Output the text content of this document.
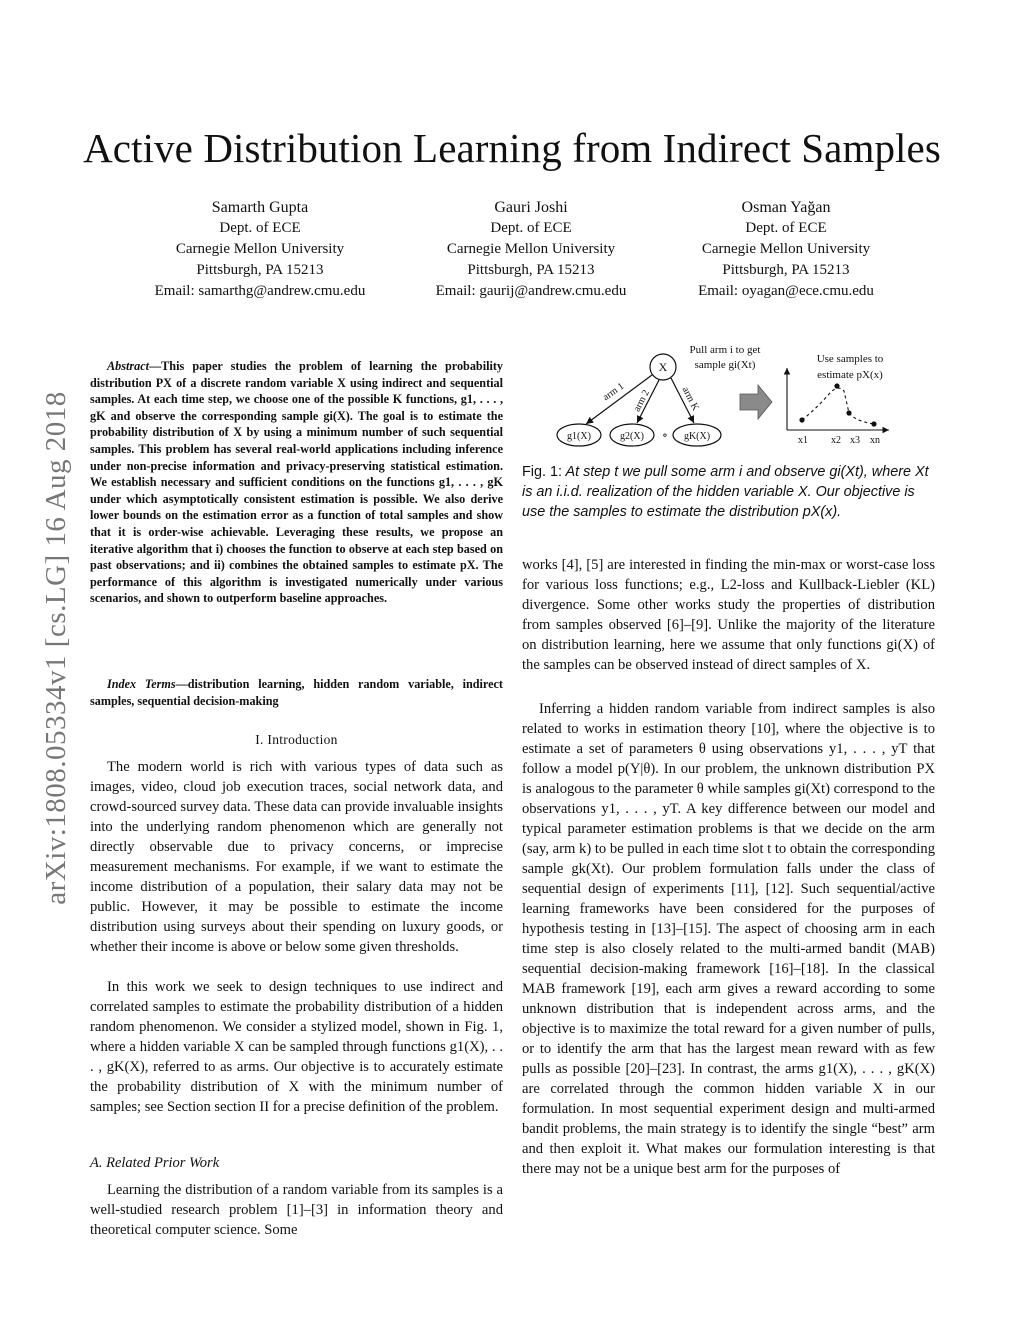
Active Distribution Learning from Indirect Samples
Samarth Gupta
Dept. of ECE
Carnegie Mellon University
Pittsburgh, PA 15213
Email: samarthg@andrew.cmu.edu
Gauri Joshi
Dept. of ECE
Carnegie Mellon University
Pittsburgh, PA 15213
Email: gaurij@andrew.cmu.edu
Osman Yağan
Dept. of ECE
Carnegie Mellon University
Pittsburgh, PA 15213
Email: oyagan@ece.cmu.edu
arXiv:1808.05334v1 [cs.LG] 16 Aug 2018

Abstract—This paper studies the problem of learning the probability distribution PX of a discrete random variable X using indirect and sequential samples. At each time step, we choose one of the possible K functions, g1, . . . , gK and observe the corresponding sample gi(X). The goal is to estimate the probability distribution of X by using a minimum number of such sequential samples. This problem has several real-world applications including inference under non-precise information and privacy-preserving statistical estimation. We establish necessary and sufficient conditions on the functions g1, . . . , gK under which asymptotically consistent estimation is possible. We also derive lower bounds on the estimation error as a function of total samples and show that it is order-wise achievable. Leveraging these results, we propose an iterative algorithm that i) chooses the function to observe at each step based on past observations; and ii) combines the obtained samples to estimate pX. The performance of this algorithm is investigated numerically under various scenarios, and shown to outperform baseline approaches.

Index Terms—distribution learning, hidden random variable, indirect samples, sequential decision-making

I. Introduction

The modern world is rich with various types of data such as images, video, cloud job execution traces, social network data, and crowd-sourced survey data. These data can provide invaluable insights into the underlying random phenomenon which are generally not directly observable due to privacy concerns, or imprecise measurement mechanisms. For example, if we want to estimate the income distribution of a population, their salary data may not be public. However, it may be possible to estimate the income distribution using surveys about their spending on luxury goods, or whether their income is above or below some given thresholds.

In this work we seek to design techniques to use indirect and correlated samples to estimate the probability distribution of a hidden random phenomenon. We consider a stylized model, shown in Fig. 1, where a hidden variable X can be sampled through functions g1(X), . . . , gK(X), referred to as arms. Our objective is to accurately estimate the probability distribution of X with the minimum number of samples; see Section section II for a precise definition of the problem.

A. Related Prior Work

Learning the distribution of a random variable from its samples is a well-studied research problem [1]–[3] in information theory and theoretical computer science. Some

X
Pull arm i to get
sample gi(Xt)
arm 1 arm 2	arm K
g1(X)	g2(X) ∘ gK(X)
Use samples to
estimate pX(x)
x1 x2 x3 xn

Fig. 1: At step t we pull some arm i and observe gi(Xt), where Xt is an i.i.d. realization of the hidden variable X. Our objective is use the samples to estimate the distribution pX(x).

works [4], [5] are interested in finding the min-max or worst-case loss for various loss functions; e.g., L2-loss and Kullback-Liebler (KL) divergence. Some other works study the properties of distribution from samples observed [6]–[9]. Unlike the majority of the literature on distribution learning, here we assume that only functions gi(X) of the samples can be observed instead of direct samples of X.

Inferring a hidden random variable from indirect samples is also related to works in estimation theory [10], where the objective is to estimate a set of parameters θ using observations y1, . . . , yT that follow a model p(Y|θ). In our problem, the unknown distribution PX is analogous to the parameter θ while samples gi(Xt) correspond to the observations y1, . . . , yT. A key difference between our model and typical parameter estimation problems is that we decide on the arm (say, arm k) to be pulled in each time slot t to obtain the corresponding sample gk(Xt). Our problem formulation falls under the class of sequential design of experiments [11], [12]. Such sequential/active learning frameworks have been considered for the purposes of hypothesis testing in [13]–[15]. The aspect of choosing arm in each time step is also closely related to the multi-armed bandit (MAB) sequential decision-making framework [16]–[18]. In the classical MAB framework [19], each arm gives a reward according to some unknown distribution that is independent across arms, and the objective is to maximize the total reward for a given number of pulls, or to identify the arm that has the largest mean reward with as few pulls as possible [20]–[23]. In contrast, the arms g1(X), . . . , gK(X) are correlated through the common hidden variable X in our formulation. In most sequential experiment design and multi-armed bandit problems, the main strategy is to identify the single “best” arm and then exploit it. What makes our formulation interesting is that there may not be a unique best arm for the purposes of
